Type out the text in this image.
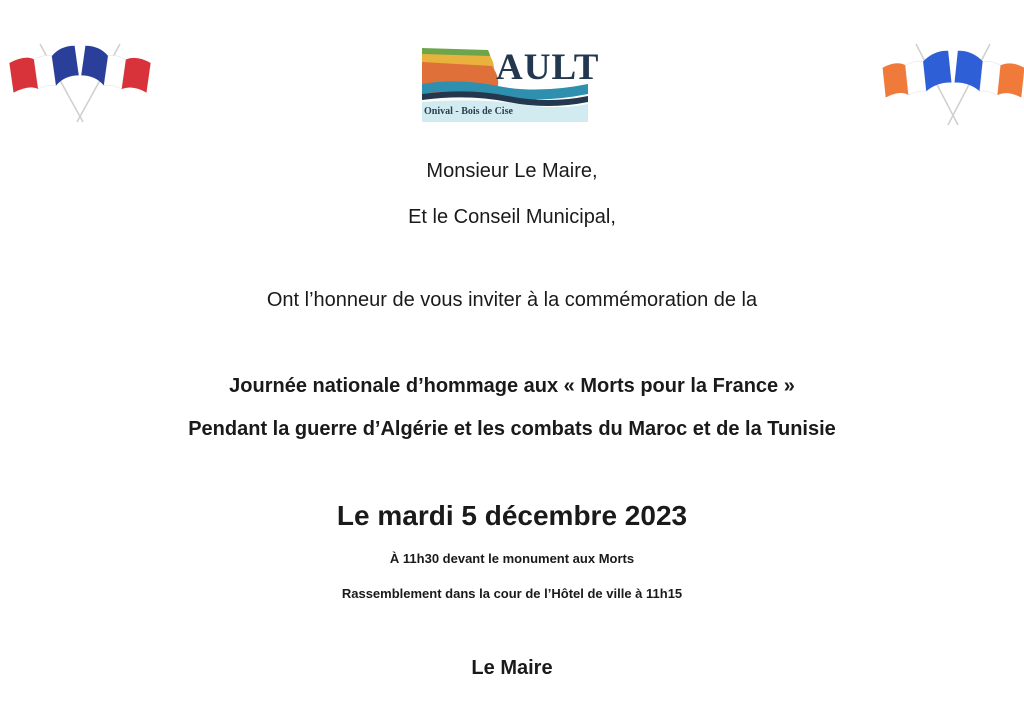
AULT
Onival - Bois de Cise
Monsieur Le Maire,
Et le Conseil Municipal,
Ont l’honneur de vous inviter à la commémoration de la
Journée nationale d’hommage aux « Morts pour la France »
Pendant la guerre d’Algérie et les combats du Maroc et de la Tunisie
Le mardi 5 décembre 2023
À 11h30 devant le monument aux Morts
Rassemblement dans la cour de l’Hôtel de ville à 11h15
Le Maire
